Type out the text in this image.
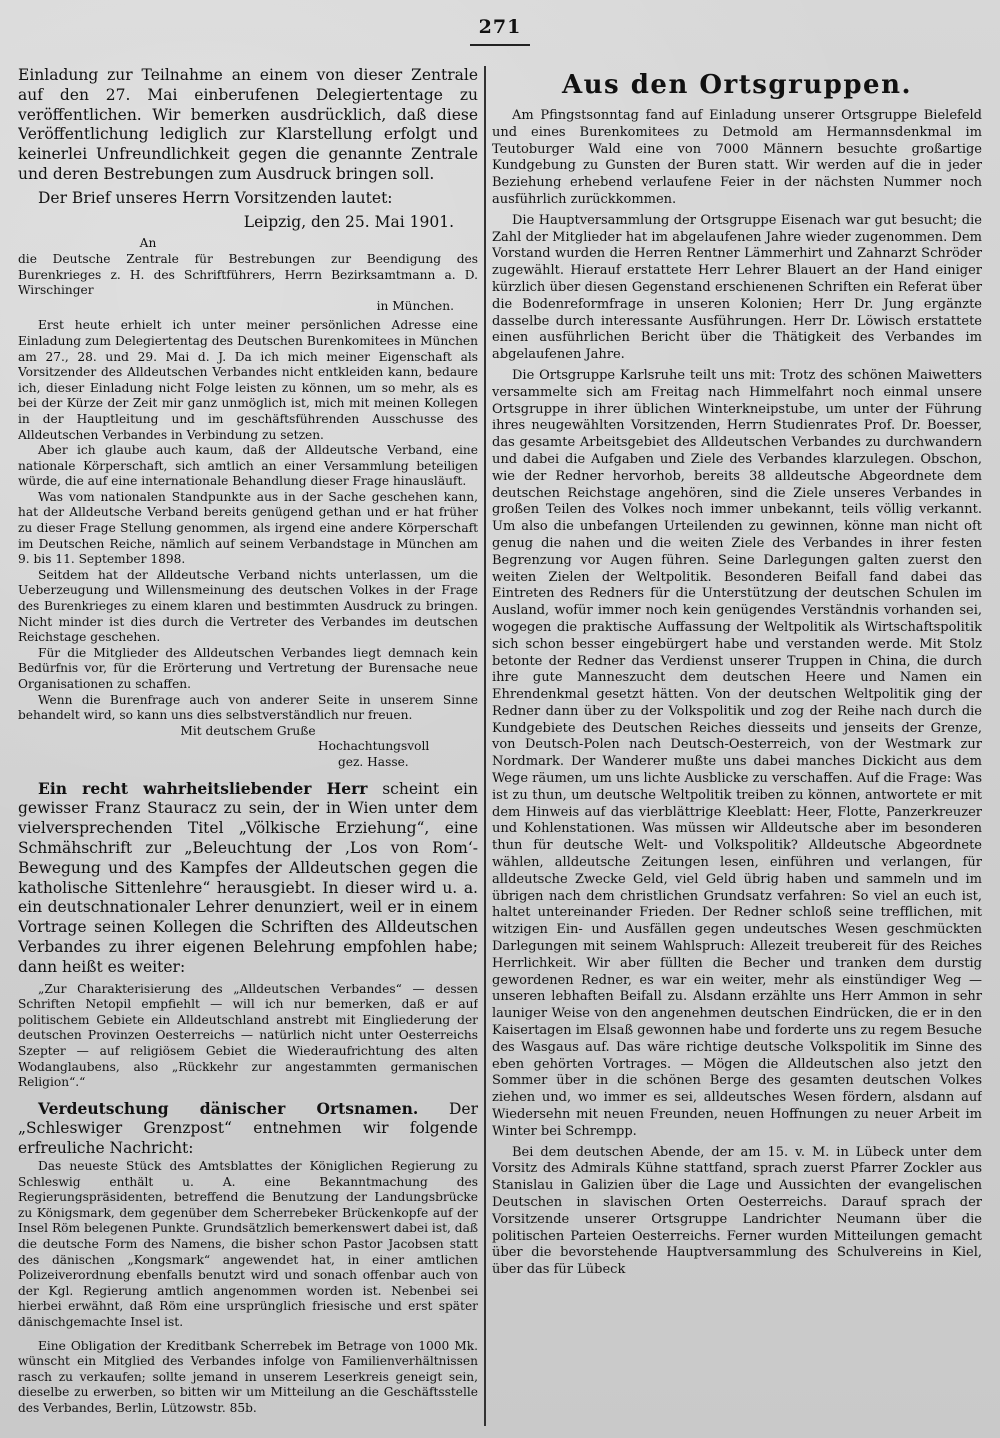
271

Einladung zur Teilnahme an einem von dieser Zentrale auf den 27. Mai einberufenen Delegiertentage zu veröffentlichen. Wir bemerken ausdrücklich, daß diese Veröffentlichung lediglich zur Klarstellung erfolgt und keinerlei Unfreundlichkeit gegen die genannte Zentrale und deren Bestrebungen zum Ausdruck bringen soll.

Der Brief unseres Herrn Vorsitzenden lautet:

Leipzig, den 25. Mai 1901.

An

die Deutsche Zentrale für Bestrebungen zur Beendigung des Burenkrieges z. H. des Schriftführers, Herrn Bezirksamtmann a. D. Wirschinger

in München.

Erst heute erhielt ich unter meiner persönlichen Adresse eine Einladung zum Delegiertentag des Deutschen Burenkomitees in München am 27., 28. und 29. Mai d. J. Da ich mich meiner Eigenschaft als Vorsitzender des Alldeutschen Verbandes nicht entkleiden kann, bedaure ich, dieser Einladung nicht Folge leisten zu können, um so mehr, als es bei der Kürze der Zeit mir ganz unmöglich ist, mich mit meinen Kollegen in der Hauptleitung und im geschäftsführenden Ausschusse des Alldeutschen Verbandes in Verbindung zu setzen.

Aber ich glaube auch kaum, daß der Alldeutsche Verband, eine nationale Körperschaft, sich amtlich an einer Versammlung beteiligen würde, die auf eine internationale Behandlung dieser Frage hinausläuft.

Was vom nationalen Standpunkte aus in der Sache geschehen kann, hat der Alldeutsche Verband bereits genügend gethan und er hat früher zu dieser Frage Stellung genommen, als irgend eine andere Körperschaft im Deutschen Reiche, nämlich auf seinem Verbandstage in München am 9. bis 11. September 1898.

Seitdem hat der Alldeutsche Verband nichts unterlassen, um die Ueberzeugung und Willensmeinung des deutschen Volkes in der Frage des Burenkrieges zu einem klaren und bestimmten Ausdruck zu bringen. Nicht minder ist dies durch die Vertreter des Verbandes im deutschen Reichstage geschehen.

Für die Mitglieder des Alldeutschen Verbandes liegt demnach kein Bedürfnis vor, für die Erörterung und Vertretung der Burensache neue Organisationen zu schaffen.

Wenn die Burenfrage auch von anderer Seite in unserem Sinne behandelt wird, so kann uns dies selbstverständlich nur freuen.

Mit deutschem Gruße

Hochachtungsvoll

gez. Hasse.

Ein recht wahrheitsliebender Herr scheint ein gewisser Franz Stauracz zu sein, der in Wien unter dem vielversprechenden Titel „Völkische Erziehung“, eine Schmähschrift zur „Beleuchtung der ‚Los von Rom‘-Bewegung und des Kampfes der Alldeutschen gegen die katholische Sittenlehre“ herausgiebt. In dieser wird u. a. ein deutschnationaler Lehrer denunziert, weil er in einem Vortrage seinen Kollegen die Schriften des Alldeutschen Verbandes zu ihrer eigenen Belehrung empfohlen habe; dann heißt es weiter:

„Zur Charakterisierung des „Alldeutschen Verbandes“ — dessen Schriften Netopil empfiehlt — will ich nur bemerken, daß er auf politischem Gebiete ein Alldeutschland anstrebt mit Eingliederung der deutschen Provinzen Oesterreichs — natürlich nicht unter Oesterreichs Szepter — auf religiösem Gebiet die Wiederaufrichtung des alten Wodanglaubens, also „Rückkehr zur angestammten germanischen Religion“.“

Verdeutschung dänischer Ortsnamen. Der „Schleswiger Grenzpost“ entnehmen wir folgende erfreuliche Nachricht:

Das neueste Stück des Amtsblattes der Königlichen Regierung zu Schleswig enthält u. A. eine Bekanntmachung des Regierungspräsidenten, betreffend die Benutzung der Landungsbrücke zu Königsmark, dem gegenüber dem Scherrebeker Brückenkopfe auf der Insel Röm belegenen Punkte. Grundsätzlich bemerkenswert dabei ist, daß die deutsche Form des Namens, die bisher schon Pastor Jacobsen statt des dänischen „Kongsmark“ angewendet hat, in einer amtlichen Polizeiverordnung ebenfalls benutzt wird und sonach offenbar auch von der Kgl. Regierung amtlich angenommen worden ist. Nebenbei sei hierbei erwähnt, daß Röm eine ursprünglich friesische und erst später dänischgemachte Insel ist.

Eine Obligation der Kreditbank Scherrebek im Betrage von 1000 Mk. wünscht ein Mitglied des Verbandes infolge von Familienverhältnissen rasch zu verkaufen; sollte jemand in unserem Leserkreis geneigt sein, dieselbe zu erwerben, so bitten wir um Mitteilung an die Geschäftsstelle des Verbandes, Berlin, Lützowstr. 85b.

Aus den Ortsgruppen.

Am Pfingstsonntag fand auf Einladung unserer Ortsgruppe Bielefeld und eines Burenkomitees zu Detmold am Hermannsdenkmal im Teutoburger Wald eine von 7000 Männern besuchte großartige Kundgebung zu Gunsten der Buren statt. Wir werden auf die in jeder Beziehung erhebend verlaufene Feier in der nächsten Nummer noch ausführlich zurückkommen.

Die Hauptversammlung der Ortsgruppe Eisenach war gut besucht; die Zahl der Mitglieder hat im abgelaufenen Jahre wieder zugenommen. Dem Vorstand wurden die Herren Rentner Lämmerhirt und Zahnarzt Schröder zugewählt. Hierauf erstattete Herr Lehrer Blauert an der Hand einiger kürzlich über diesen Gegenstand erschienenen Schriften ein Referat über die Bodenreformfrage in unseren Kolonien; Herr Dr. Jung ergänzte dasselbe durch interessante Ausführungen. Herr Dr. Löwisch erstattete einen ausführlichen Bericht über die Thätigkeit des Verbandes im abgelaufenen Jahre.

Die Ortsgruppe Karlsruhe teilt uns mit: Trotz des schönen Maiwetters versammelte sich am Freitag nach Himmelfahrt noch einmal unsere Ortsgruppe in ihrer üblichen Winterkneipstube, um unter der Führung ihres neugewählten Vorsitzenden, Herrn Studienrates Prof. Dr. Boesser, das gesamte Arbeitsgebiet des Alldeutschen Verbandes zu durchwandern und dabei die Aufgaben und Ziele des Verbandes klarzulegen. Obschon, wie der Redner hervorhob, bereits 38 alldeutsche Abgeordnete dem deutschen Reichstage angehören, sind die Ziele unseres Verbandes in großen Teilen des Volkes noch immer unbekannt, teils völlig verkannt. Um also die unbefangen Urteilenden zu gewinnen, könne man nicht oft genug die nahen und die weiten Ziele des Verbandes in ihrer festen Begrenzung vor Augen führen. Seine Darlegungen galten zuerst den weiten Zielen der Weltpolitik. Besonderen Beifall fand dabei das Eintreten des Redners für die Unterstützung der deutschen Schulen im Ausland, wofür immer noch kein genügendes Verständnis vorhanden sei, wogegen die praktische Auffassung der Weltpolitik als Wirtschaftspolitik sich schon besser eingebürgert habe und verstanden werde. Mit Stolz betonte der Redner das Verdienst unserer Truppen in China, die durch ihre gute Manneszucht dem deutschen Heere und Namen ein Ehrendenkmal gesetzt hätten. Von der deutschen Weltpolitik ging der Redner dann über zu der Volkspolitik und zog der Reihe nach durch die Kundgebiete des Deutschen Reiches diesseits und jenseits der Grenze, von Deutsch-Polen nach Deutsch-Oesterreich, von der Westmark zur Nordmark. Der Wanderer mußte uns dabei manches Dickicht aus dem Wege räumen, um uns lichte Ausblicke zu verschaffen. Auf die Frage: Was ist zu thun, um deutsche Weltpolitik treiben zu können, antwortete er mit dem Hinweis auf das vierblättrige Kleeblatt: Heer, Flotte, Panzerkreuzer und Kohlenstationen. Was müssen wir Alldeutsche aber im besonderen thun für deutsche Welt- und Volkspolitik? Alldeutsche Abgeordnete wählen, alldeutsche Zeitungen lesen, einführen und verlangen, für alldeutsche Zwecke Geld, viel Geld übrig haben und sammeln und im übrigen nach dem christlichen Grundsatz verfahren: So viel an euch ist, haltet untereinander Frieden. Der Redner schloß seine trefflichen, mit witzigen Ein- und Ausfällen gegen undeutsches Wesen geschmückten Darlegungen mit seinem Wahlspruch: Allezeit treubereit für des Reiches Herrlichkeit. Wir aber füllten die Becher und tranken dem durstig gewordenen Redner, es war ein weiter, mehr als einstündiger Weg — unseren lebhaften Beifall zu. Alsdann erzählte uns Herr Ammon in sehr launiger Weise von den angenehmen deutschen Eindrücken, die er in den Kaisertagen im Elsaß gewonnen habe und forderte uns zu regem Besuche des Wasgaus auf. Das wäre richtige deutsche Volkspolitik im Sinne des eben gehörten Vortrages. — Mögen die Alldeutschen also jetzt den Sommer über in die schönen Berge des gesamten deutschen Volkes ziehen und, wo immer es sei, alldeutsches Wesen fördern, alsdann auf Wiedersehn mit neuen Freunden, neuen Hoffnungen zu neuer Arbeit im Winter bei Schrempp.

Bei dem deutschen Abende, der am 15. v. M. in Lübeck unter dem Vorsitz des Admirals Kühne stattfand, sprach zuerst Pfarrer Zockler aus Stanislau in Galizien über die Lage und Aussichten der evangelischen Deutschen in slavischen Orten Oesterreichs. Darauf sprach der Vorsitzende unserer Ortsgruppe Landrichter Neumann über die politischen Parteien Oesterreichs. Ferner wurden Mitteilungen gemacht über die bevorstehende Hauptversammlung des Schulvereins in Kiel, über das für Lübeck
